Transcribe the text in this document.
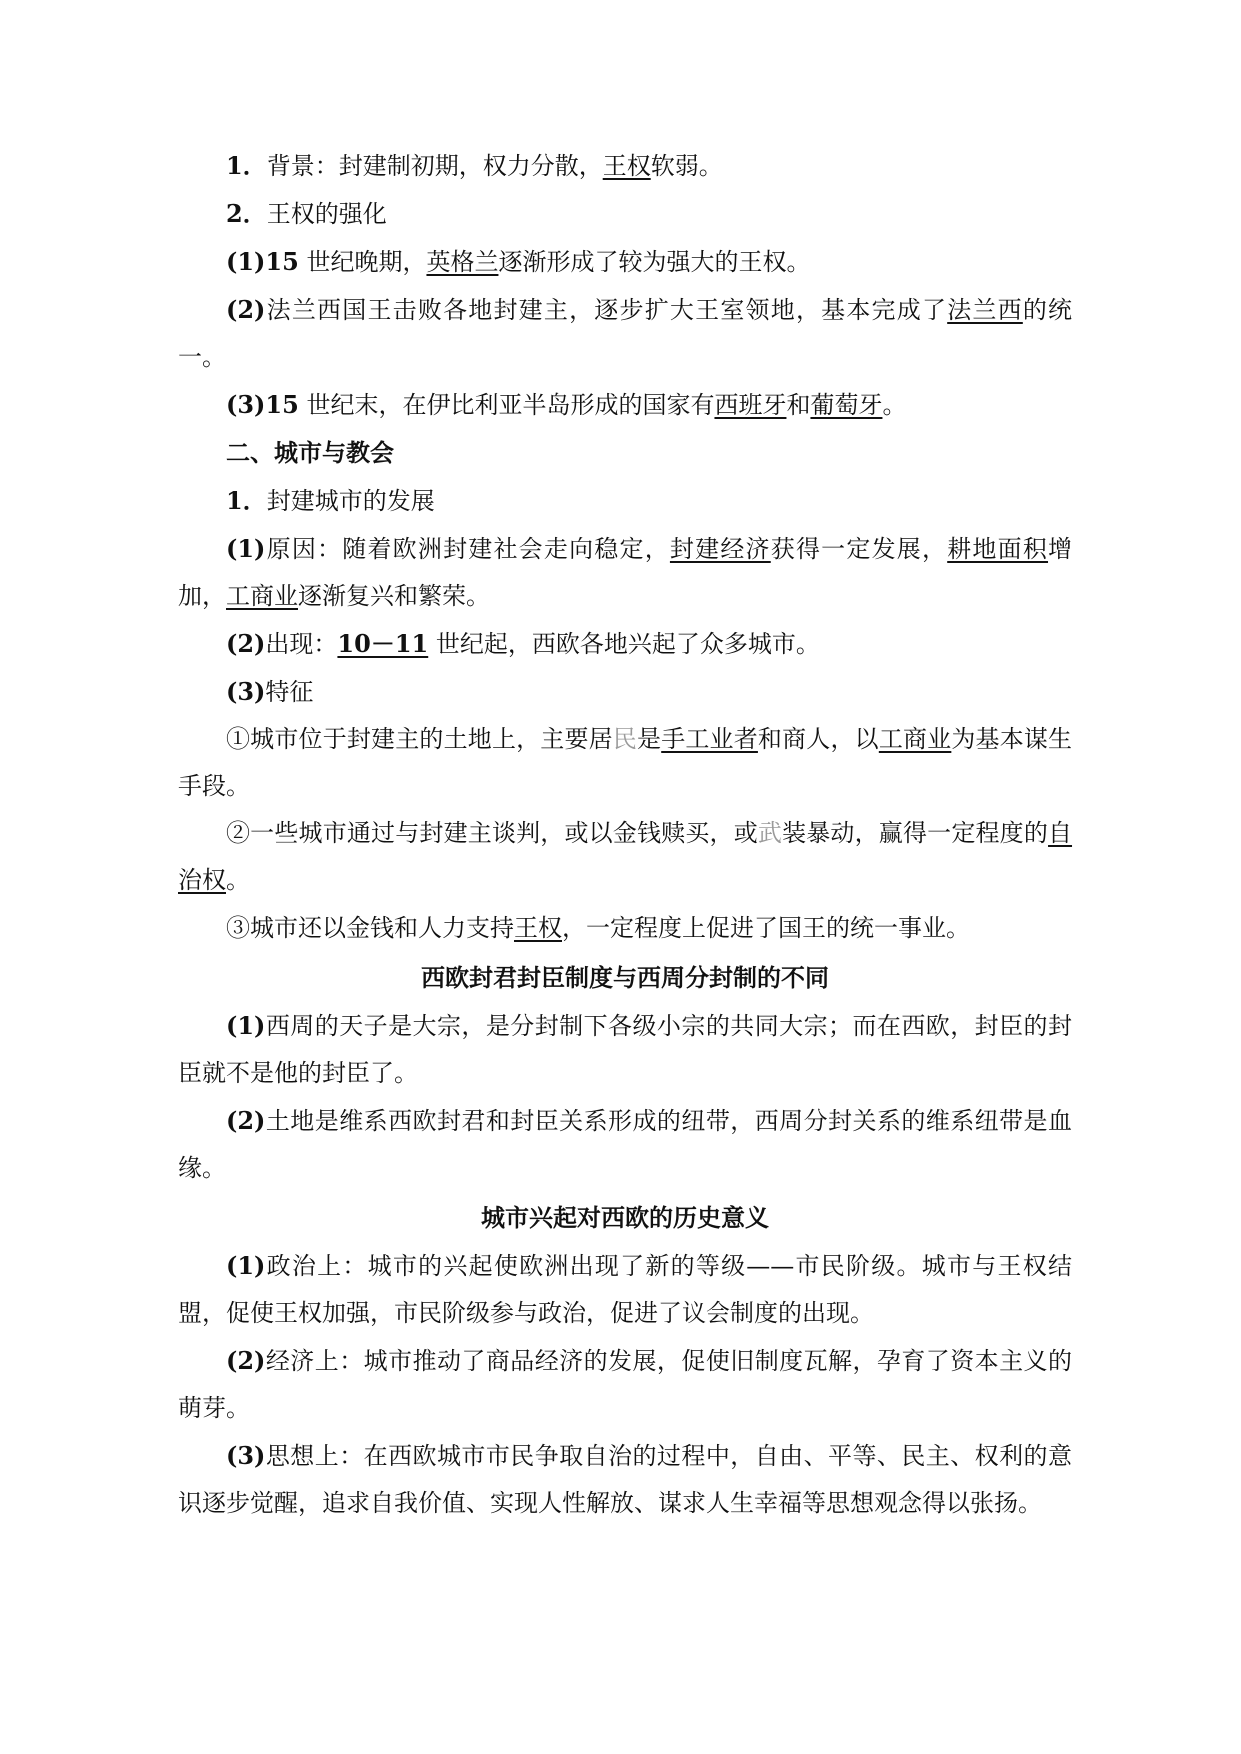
1．背景：封建制初期，权力分散，王权软弱。

2．王权的强化

(1)15 世纪晚期，英格兰逐渐形成了较为强大的王权。

(2)法兰西国王击败各地封建主，逐步扩大王室领地，基本完成了法兰西的统一。

(3)15 世纪末，在伊比利亚半岛形成的国家有西班牙和葡萄牙。

二、城市与教会

1．封建城市的发展

(1)原因：随着欧洲封建社会走向稳定，封建经济获得一定发展，耕地面积增加，工商业逐渐复兴和繁荣。

(2)出现：10－11 世纪起，西欧各地兴起了众多城市。

(3)特征

①城市位于封建主的土地上，主要居民是手工业者和商人，以工商业为基本谋生手段。

②一些城市通过与封建主谈判，或以金钱赎买，或武装暴动，赢得一定程度的自治权。

③城市还以金钱和人力支持王权，一定程度上促进了国王的统一事业。

西欧封君封臣制度与西周分封制的不同

(1)西周的天子是大宗，是分封制下各级小宗的共同大宗；而在西欧，封臣的封臣就不是他的封臣了。

(2)土地是维系西欧封君和封臣关系形成的纽带，西周分封关系的维系纽带是血缘。

城市兴起对西欧的历史意义

(1)政治上：城市的兴起使欧洲出现了新的等级——市民阶级。城市与王权结盟，促使王权加强，市民阶级参与政治，促进了议会制度的出现。

(2)经济上：城市推动了商品经济的发展，促使旧制度瓦解，孕育了资本主义的萌芽。

(3)思想上：在西欧城市市民争取自治的过程中，自由、平等、民主、权利的意识逐步觉醒，追求自我价值、实现人性解放、谋求人生幸福等思想观念得以张扬。
